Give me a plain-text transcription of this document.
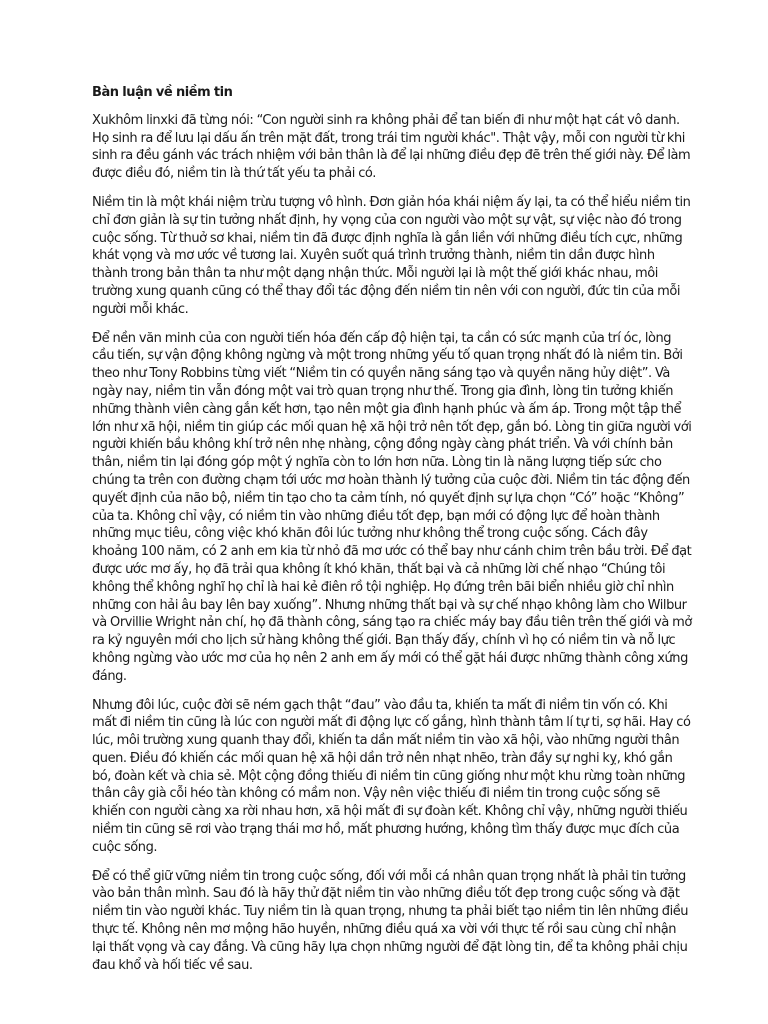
Bàn luận về niềm tin

Xukhôm linxki đã từng nói: “Con người sinh ra không phải để tan biến đi như một hạt cát vô danh. Họ sinh ra để lưu lại dấu ấn trên mặt đất, trong trái tim người khác". Thật vậy, mỗi con người từ khi sinh ra đều gánh vác trách nhiệm với bản thân là để lại những điều đẹp đẽ trên thế giới này. Để làm được điều đó, niềm tin là thứ tất yếu ta phải có.

Niềm tin là một khái niệm trừu tượng vô hình. Đơn giản hóa khái niệm ấy lại, ta có thể hiểu niềm tin chỉ đơn giản là sự tin tưởng nhất định, hy vọng của con người vào một sự vật, sự việc nào đó trong cuộc sống. Từ thuở sơ khai, niềm tin đã được định nghĩa là gắn liền với những điều tích cực, những khát vọng và mơ ước về tương lai. Xuyên suốt quá trình trưởng thành, niềm tin dần được hình thành trong bản thân ta như một dạng nhận thức. Mỗi người lại là một thế giới khác nhau, môi trường xung quanh cũng có thể thay đổi tác động đến niềm tin nên với con người, đức tin của mỗi người mỗi khác.

Để nền văn minh của con người tiến hóa đến cấp độ hiện tại, ta cần có sức mạnh của trí óc, lòng cầu tiến, sự vận động không ngừng và một trong những yếu tố quan trọng nhất đó là niềm tin. Bởi theo như Tony Robbins từng viết “Niềm tin có quyền năng sáng tạo và quyền năng hủy diệt”. Và ngày nay, niềm tin vẫn đóng một vai trò quan trọng như thế. Trong gia đình, lòng tin tưởng khiến những thành viên càng gắn kết hơn, tạo nên một gia đình hạnh phúc và ấm áp. Trong một tập thể lớn như xã hội, niềm tin giúp các mối quan hệ xã hội trở nên tốt đẹp, gắn bó. Lòng tin giữa người với người khiến bầu không khí trở nên nhẹ nhàng, cộng đồng ngày càng phát triển. Và với chính bản thân, niềm tin lại đóng góp một ý nghĩa còn to lớn hơn nữa. Lòng tin là năng lượng tiếp sức cho chúng ta trên con đường chạm tới ước mơ hoàn thành lý tưởng của cuộc đời. Niềm tin tác động đến quyết định của não bộ, niềm tin tạo cho ta cảm tính, nó quyết định sự lựa chọn “Có” hoặc “Không” của ta. Không chỉ vậy, có niềm tin vào những điều tốt đẹp, bạn mới có động lực để hoàn thành những mục tiêu, công việc khó khăn đôi lúc tưởng như không thể trong cuộc sống. Cách đây khoảng 100 năm, có 2 anh em kia từ nhỏ đã mơ ước có thể bay như cánh chim trên bầu trời. Để đạt được ước mơ ấy, họ đã trải qua không ít khó khăn, thất bại và cả những lời chế nhạo “Chúng tôi không thể không nghĩ họ chỉ là hai kẻ điên rồ tội nghiệp. Họ đứng trên bãi biển nhiều giờ chỉ nhìn những con hải âu bay lên bay xuống”. Nhưng những thất bại và sự chế nhạo không làm cho Wilbur và Orvillie Wright nản chí, họ đã thành công, sáng tạo ra chiếc máy bay đầu tiên trên thế giới và mở ra kỷ nguyên mới cho lịch sử hàng không thế giới. Bạn thấy đấy, chính vì họ có niềm tin và nỗ lực không ngừng vào ước mơ của họ nên 2 anh em ấy mới có thể gặt hái được những thành công xứng đáng.

Nhưng đôi lúc, cuộc đời sẽ ném gạch thật “đau” vào đầu ta, khiến ta mất đi niềm tin vốn có. Khi mất đi niềm tin cũng là lúc con người mất đi động lực cố gắng, hình thành tâm lí tự ti, sợ hãi. Hay có lúc, môi trường xung quanh thay đổi, khiến ta dần mất niềm tin vào xã hội, vào những người thân quen. Điều đó khiến các mối quan hệ xã hội dần trở nên nhạt nhẽo, tràn đầy sự nghi kỵ, khó gắn bó, đoàn kết và chia sẻ. Một cộng đồng thiếu đi niềm tin cũng giống như một khu rừng toàn những thân cây già cỗi héo tàn không có mầm non. Vậy nên việc thiếu đi niềm tin trong cuộc sống sẽ khiến con người càng xa rời nhau hơn, xã hội mất đi sự đoàn kết. Không chỉ vậy, những người thiếu niềm tin cũng sẽ rơi vào trạng thái mơ hồ, mất phương hướng, không tìm thấy được mục đích của cuộc sống.

Để có thể giữ vững niềm tin trong cuộc sống, đối với mỗi cá nhân quan trọng nhất là phải tin tưởng vào bản thân mình. Sau đó là hãy thử đặt niềm tin vào những điều tốt đẹp trong cuộc sống và đặt niềm tin vào người khác. Tuy niềm tin là quan trọng, nhưng ta phải biết tạo niềm tin lên những điều thực tế. Không nên mơ mộng hão huyền, những điều quá xa vời với thực tế rồi sau cùng chỉ nhận lại thất vọng và cay đắng. Và cũng hãy lựa chọn những người để đặt lòng tin, để ta không phải chịu đau khổ và hối tiếc về sau.
